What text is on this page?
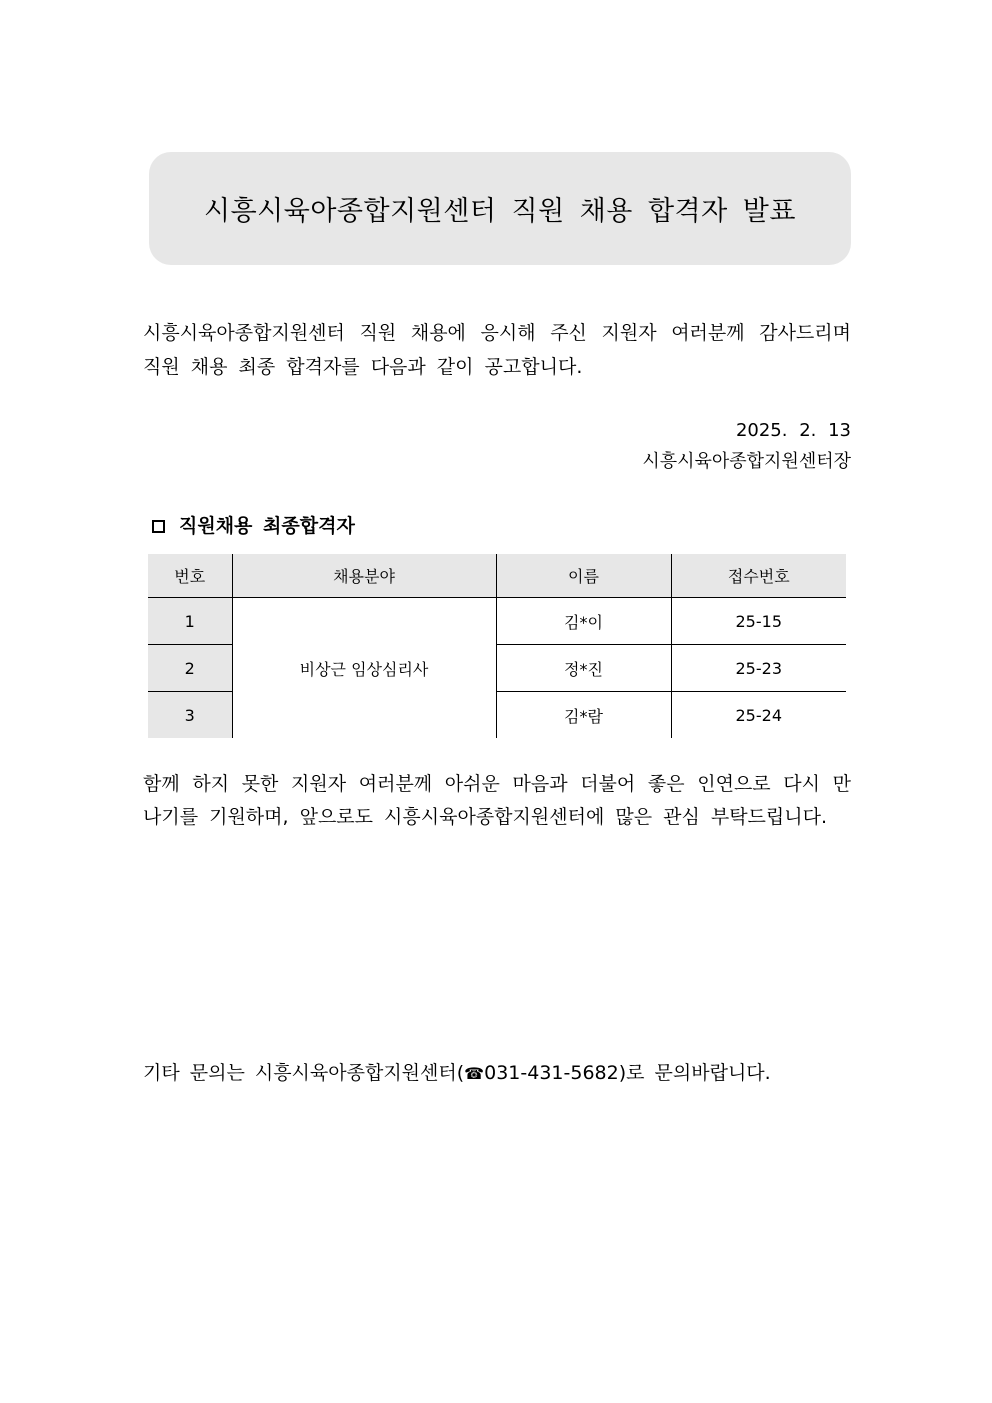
시흥시육아종합지원센터 직원 채용 합격자 발표

시흥시육아종합지원센터 직원 채용에 응시해 주신 지원자 여러분께 감사드리며 직원 채용 최종 합격자를 다음과 같이 공고합니다.

2025. 2. 13
시흥시육아종합지원센터장
직원채용 최종합격자
번호	채용분야	이름	접수번호
1	비상근 임상심리사	김*이	25-15
2		정*진	25-23
3		김*람	25-24

함께 하지 못한 지원자 여러분께 아쉬운 마음과 더불어 좋은 인연으로 다시 만나기를 기원하며, 앞으로도 시흥시육아종합지원센터에 많은 관심 부탁드립니다.

기타 문의는 시흥시육아종합지원센터(☎031-431-5682)로 문의바랍니다.
